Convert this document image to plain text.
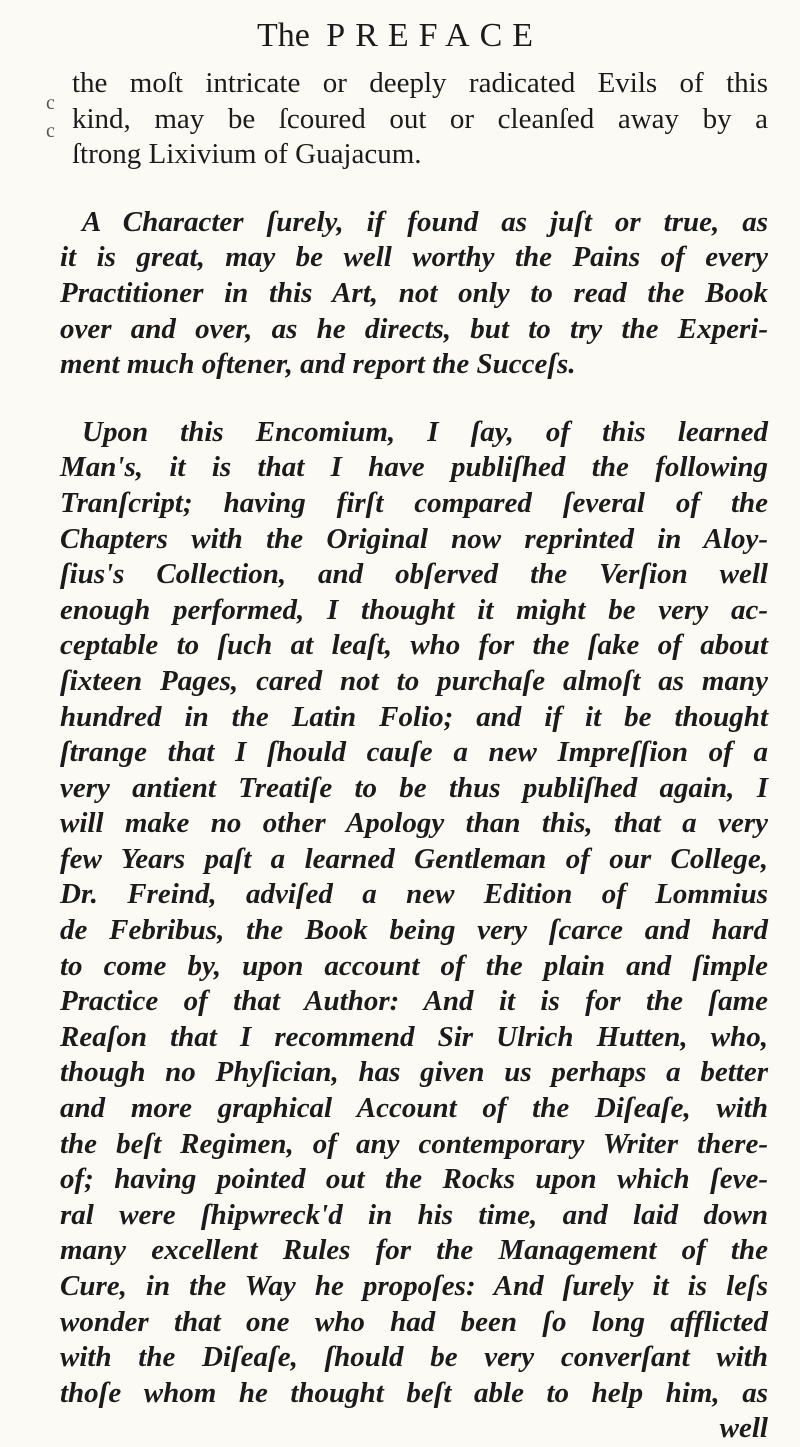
The PREFACE
c
c

the moſt intricate or deeply radicated Evils of this
kind, may be ſcoured out or cleanſed away by a
ſtrong Lixivium of Guajacum.

A Character ſurely, if found as juſt or true, as
it is great, may be well worthy the Pains of every
Practitioner in this Art, not only to read the Book
over and over, as he directs, but to try the Experi-
ment much oftener, and report the Succeſs.

Upon this Encomium, I ſay, of this learned
Man's, it is that I have publiſhed the following
Tranſcript; having firſt compared ſeveral of the
Chapters with the Original now reprinted in Aloy-
ſius's Collection, and obſerved the Verſion well
enough performed, I thought it might be very ac-
ceptable to ſuch at leaſt, who for the ſake of about
ſixteen Pages, cared not to purchaſe almoſt as many
hundred in the Latin Folio; and if it be thought
ſtrange that I ſhould cauſe a new Impreſſion of a
very antient Treatiſe to be thus publiſhed again, I
will make no other Apology than this, that a very
few Years paſt a learned Gentleman of our College,
Dr. Freind, adviſed a new Edition of Lommius
de Febribus, the Book being very ſcarce and hard
to come by, upon account of the plain and ſimple
Practice of that Author: And it is for the ſame
Reaſon that I recommend Sir Ulrich Hutten, who,
though no Phyſician, has given us perhaps a better
and more graphical Account of the Diſeaſe, with
the beſt Regimen, of any contemporary Writer there-
of; having pointed out the Rocks upon which ſeve-
ral were ſhipwreck'd in his time, and laid down
many excellent Rules for the Management of the
Cure, in the Way he propoſes: And ſurely it is leſs
wonder that one who had been ſo long afflicted
with the Diſeaſe, ſhould be very converſant with
thoſe whom he thought beſt able to help him, as

well
